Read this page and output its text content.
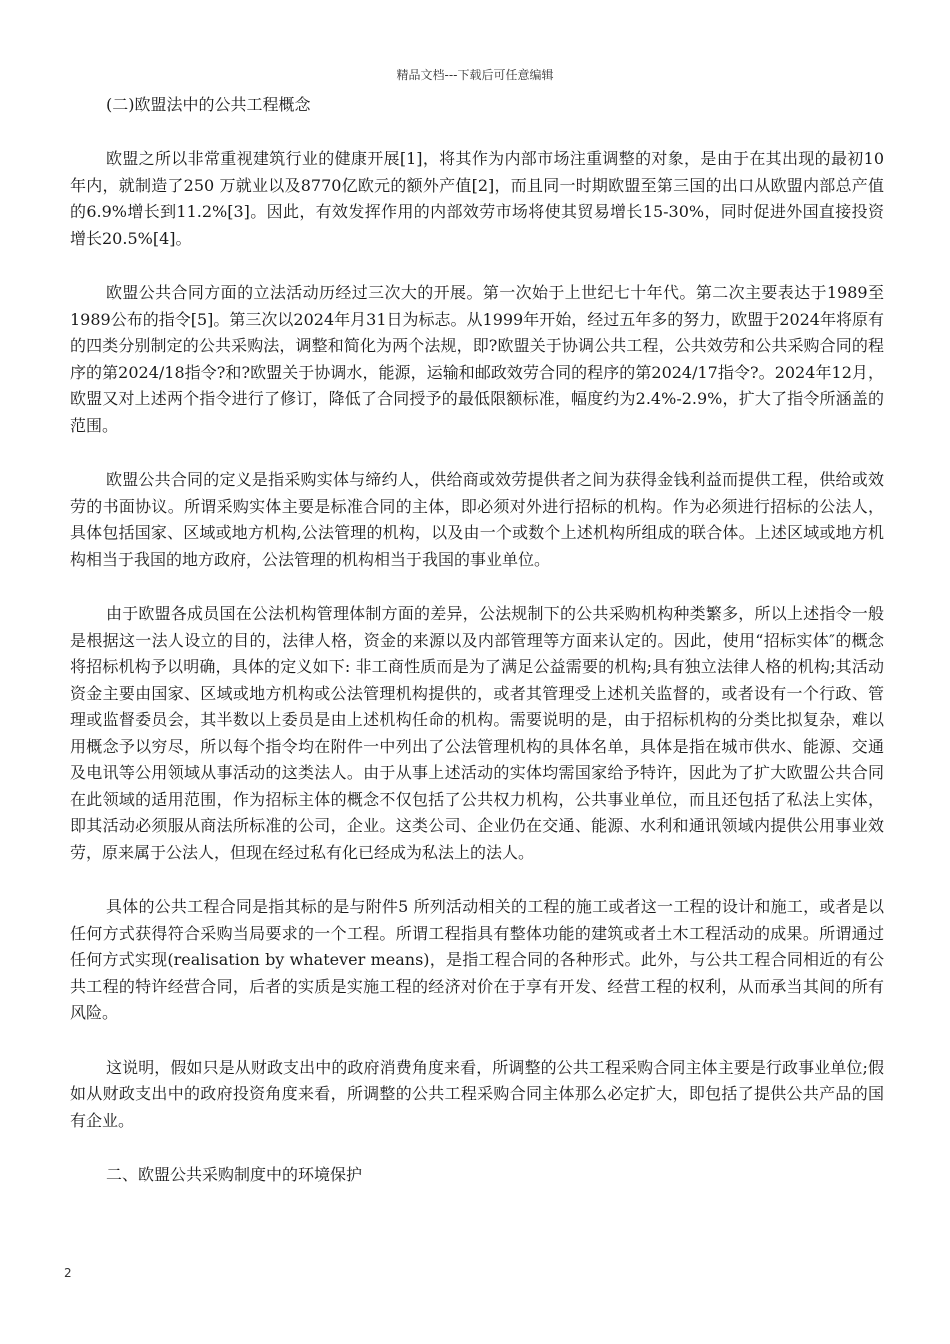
精品文档---下载后可任意编辑

(二)欧盟法中的公共工程概念

欧盟之所以非常重视建筑行业的健康开展[1]，将其作为内部市场注重调整的对象，是由于在其出现的最初10 年内，就制造了250 万就业以及8770亿欧元的额外产值[2]，而且同一时期欧盟至第三国的出口从欧盟内部总产值的6.9%增长到11.2%[3]。因此，有效发挥作用的内部效劳市场将使其贸易增长15-30%，同时促进外国直接投资增长20.5%[4]。

欧盟公共合同方面的立法活动历经过三次大的开展。第一次始于上世纪七十年代。第二次主要表达于1989至1989公布的指令[5]。第三次以2024年月31日为标志。从1999年开始，经过五年多的努力，欧盟于2024年将原有的四类分别制定的公共采购法，调整和简化为两个法规，即?欧盟关于协调公共工程，公共效劳和公共采购合同的程序的第2024/18指令?和?欧盟关于协调水，能源，运输和邮政效劳合同的程序的第2024/17指令?。2024年12月，欧盟又对上述两个指令进行了修订，降低了合同授予的最低限额标准，幅度约为2.4%-2.9%，扩大了指令所涵盖的范围。

欧盟公共合同的定义是指采购实体与缔约人，供给商或效劳提供者之间为获得金钱利益而提供工程，供给或效劳的书面协议。所谓采购实体主要是标准合同的主体，即必须对外进行招标的机构。作为必须进行招标的公法人，具体包括国家、区域或地方机构,公法管理的机构，以及由一个或数个上述机构所组成的联合体。上述区域或地方机构相当于我国的地方政府，公法管理的机构相当于我国的事业单位。

由于欧盟各成员国在公法机构管理体制方面的差异，公法规制下的公共采购机构种类繁多，所以上述指令一般是根据这一法人设立的目的，法律人格，资金的来源以及内部管理等方面来认定的。因此，使用“招标实体″的概念将招标机构予以明确，具体的定义如下: 非工商性质而是为了满足公益需要的机构;具有独立法律人格的机构;其活动资金主要由国家、区域或地方机构或公法管理机构提供的，或者其管理受上述机关监督的，或者设有一个行政、管理或监督委员会，其半数以上委员是由上述机构任命的机构。需要说明的是，由于招标机构的分类比拟复杂，难以用概念予以穷尽，所以每个指令均在附件一中列出了公法管理机构的具体名单，具体是指在城市供水、能源、交通及电讯等公用领域从事活动的这类法人。由于从事上述活动的实体均需国家给予特许，因此为了扩大欧盟公共合同在此领域的适用范围，作为招标主体的概念不仅包括了公共权力机构，公共事业单位，而且还包括了私法上实体，即其活动必须服从商法所标准的公司，企业。这类公司、企业仍在交通、能源、水利和通讯领域内提供公用事业效劳，原来属于公法人，但现在经过私有化已经成为私法上的法人。

具体的公共工程合同是指其标的是与附件5 所列活动相关的工程的施工或者这一工程的设计和施工，或者是以任何方式获得符合采购当局要求的一个工程。所谓工程指具有整体功能的建筑或者土木工程活动的成果。所谓通过任何方式实现(realisation by whatever means)，是指工程合同的各种形式。此外，与公共工程合同相近的有公共工程的特许经营合同，后者的实质是实施工程的经济对价在于享有开发、经营工程的权利，从而承当其间的所有风险。

这说明，假如只是从财政支出中的政府消费角度来看，所调整的公共工程采购合同主体主要是行政事业单位;假如从财政支出中的政府投资角度来看，所调整的公共工程采购合同主体那么必定扩大，即包括了提供公共产品的国有企业。

二、欧盟公共采购制度中的环境保护

2
